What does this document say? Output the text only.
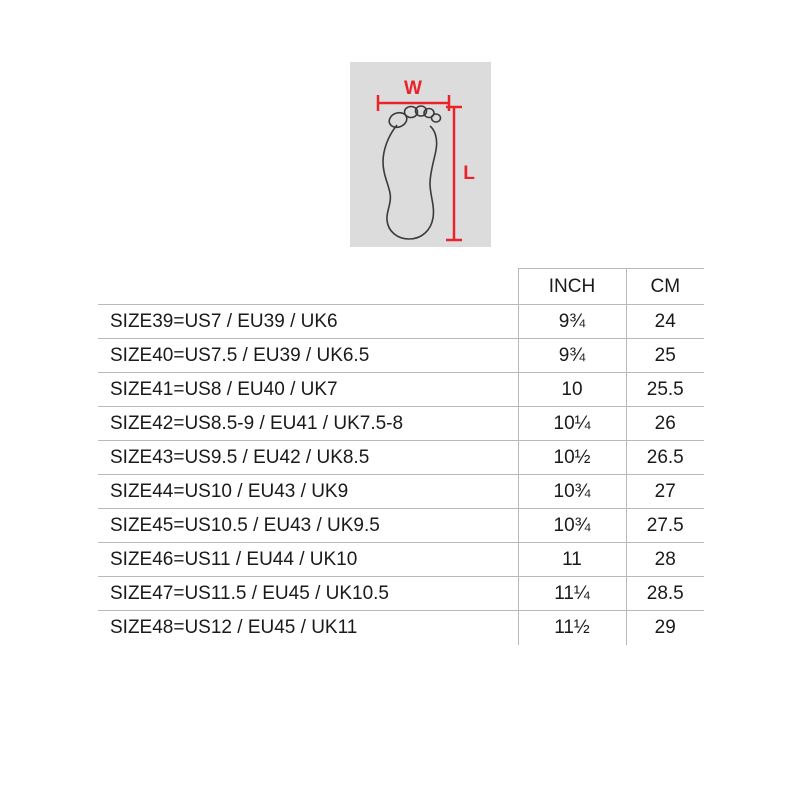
W
L
	INCH	CM
SIZE39=US7 / EU39 / UK6	9¾	24
SIZE40=US7.5 / EU39 / UK6.5	9¾	25
SIZE41=US8 / EU40 / UK7	10	25.5
SIZE42=US8.5-9 / EU41 / UK7.5-8	10¼	26
SIZE43=US9.5 / EU42 / UK8.5	10½	26.5
SIZE44=US10 / EU43 / UK9	10¾	27
SIZE45=US10.5 / EU43 / UK9.5	10¾	27.5
SIZE46=US11 / EU44 / UK10	11	28
SIZE47=US11.5 / EU45 / UK10.5	11¼	28.5
SIZE48=US12 / EU45 / UK11	11½	29
